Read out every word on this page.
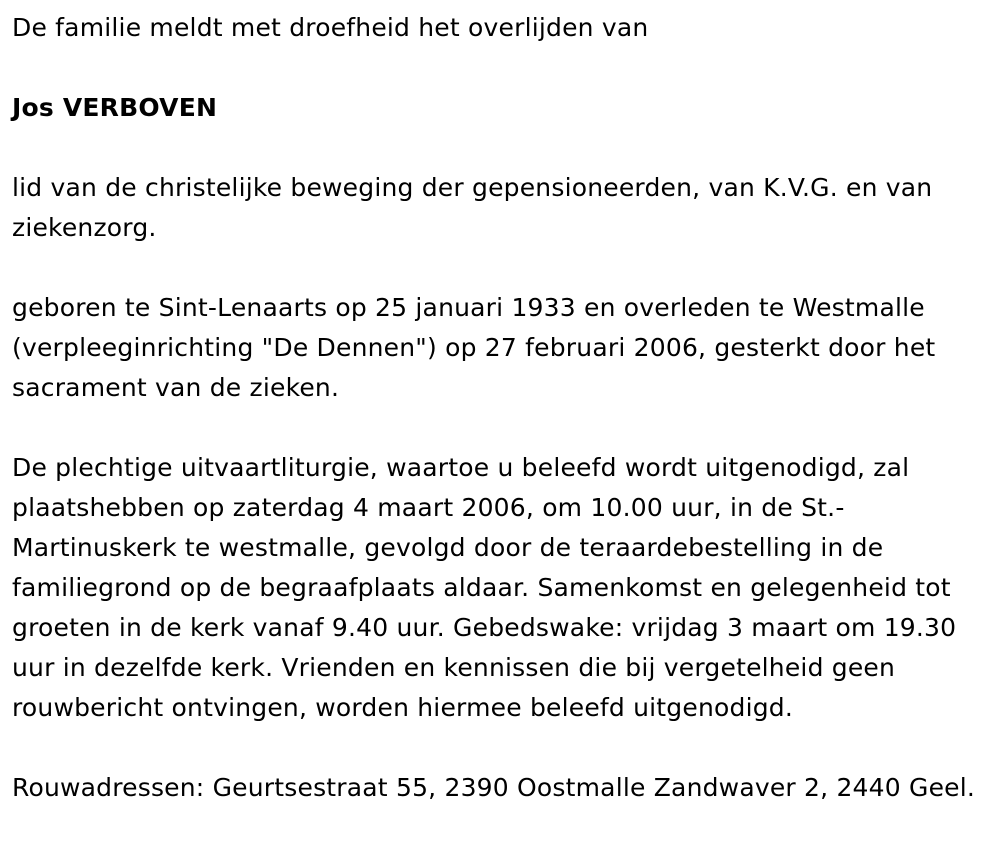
De familie meldt met droefheid het overlijden van

Jos VERBOVEN

lid van de christelijke beweging der gepensioneerden, van K.V.G. en van ziekenzorg.

geboren te Sint-Lenaarts op 25 januari 1933 en overleden te Westmalle (verpleeginrichting "De Dennen") op 27 februari 2006, gesterkt door het sacrament van de zieken.

De plechtige uitvaartliturgie, waartoe u beleefd wordt uitgenodigd, zal plaatshebben op zaterdag 4 maart 2006, om 10.00 uur, in de St.-Martinuskerk te westmalle, gevolgd door de teraardebestelling in de familiegrond op de begraafplaats aldaar. Samenkomst en gelegenheid tot groeten in de kerk vanaf 9.40 uur. Gebedswake: vrijdag 3 maart om 19.30 uur in dezelfde kerk. Vrienden en kennissen die bij vergetelheid geen rouwbericht ontvingen, worden hiermee beleefd uitgenodigd.

Rouwadressen: Geurtsestraat 55, 2390 Oostmalle Zandwaver 2, 2440 Geel.
